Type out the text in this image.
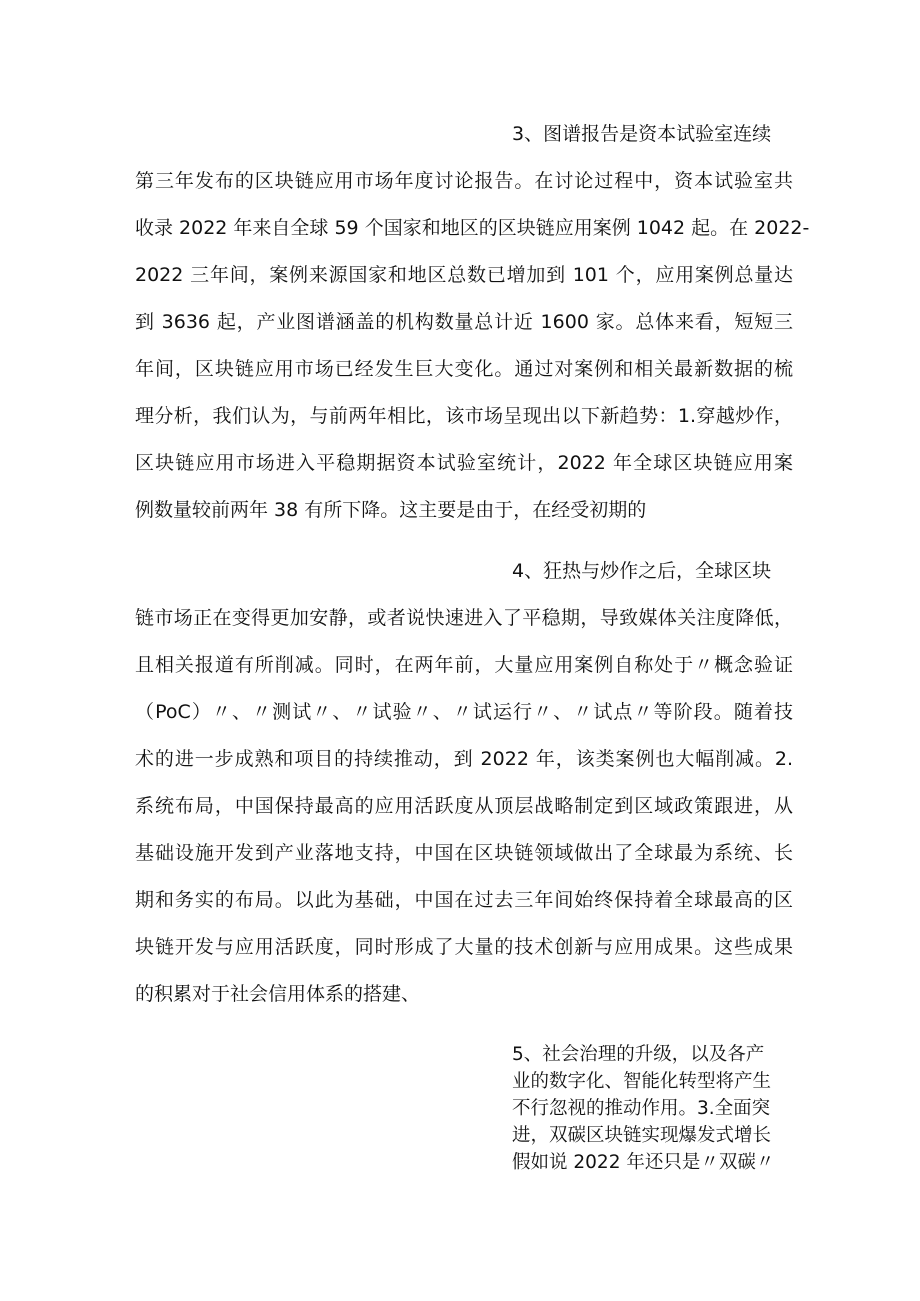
3、图谱报告是资本试验室连续
第三年发布的区块链应用市场年度讨论报告。在讨论过程中，资本试验室共
收录 2022 年来自全球 59 个国家和地区的区块链应用案例 1042 起。在 2022-
2022 三年间，案例来源国家和地区总数已增加到 101 个，应用案例总量达
到 3636 起，产业图谱涵盖的机构数量总计近 1600 家。总体来看，短短三
年间，区块链应用市场已经发生巨大变化。通过对案例和相关最新数据的梳
理分析，我们认为，与前两年相比，该市场呈现出以下新趋势：1.穿越炒作，
区块链应用市场进入平稳期据资本试验室统计，2022 年全球区块链应用案
例数量较前两年 38 有所下降。这主要是由于，在经受初期的
4、狂热与炒作之后，全球区块
链市场正在变得更加安静，或者说快速进入了平稳期，导致媒体关注度降低，
且相关报道有所削减。同时，在两年前，大量应用案例自称处于〃概念验证
（PoC）〃、〃测试〃、〃试验〃、〃试运行〃、〃试点〃等阶段。随着技
术的进一步成熟和项目的持续推动，到 2022 年，该类案例也大幅削减。2.
系统布局，中国保持最高的应用活跃度从顶层战略制定到区域政策跟进，从
基础设施开发到产业落地支持，中国在区块链领域做出了全球最为系统、长
期和务实的布局。以此为基础，中国在过去三年间始终保持着全球最高的区
块链开发与应用活跃度，同时形成了大量的技术创新与应用成果。这些成果
的积累对于社会信用体系的搭建、
5、社会治理的升级，以及各产
业的数字化、智能化转型将产生
不行忽视的推动作用。3.全面突
进，双碳区块链实现爆发式增长
假如说 2022 年还只是〃双碳〃
